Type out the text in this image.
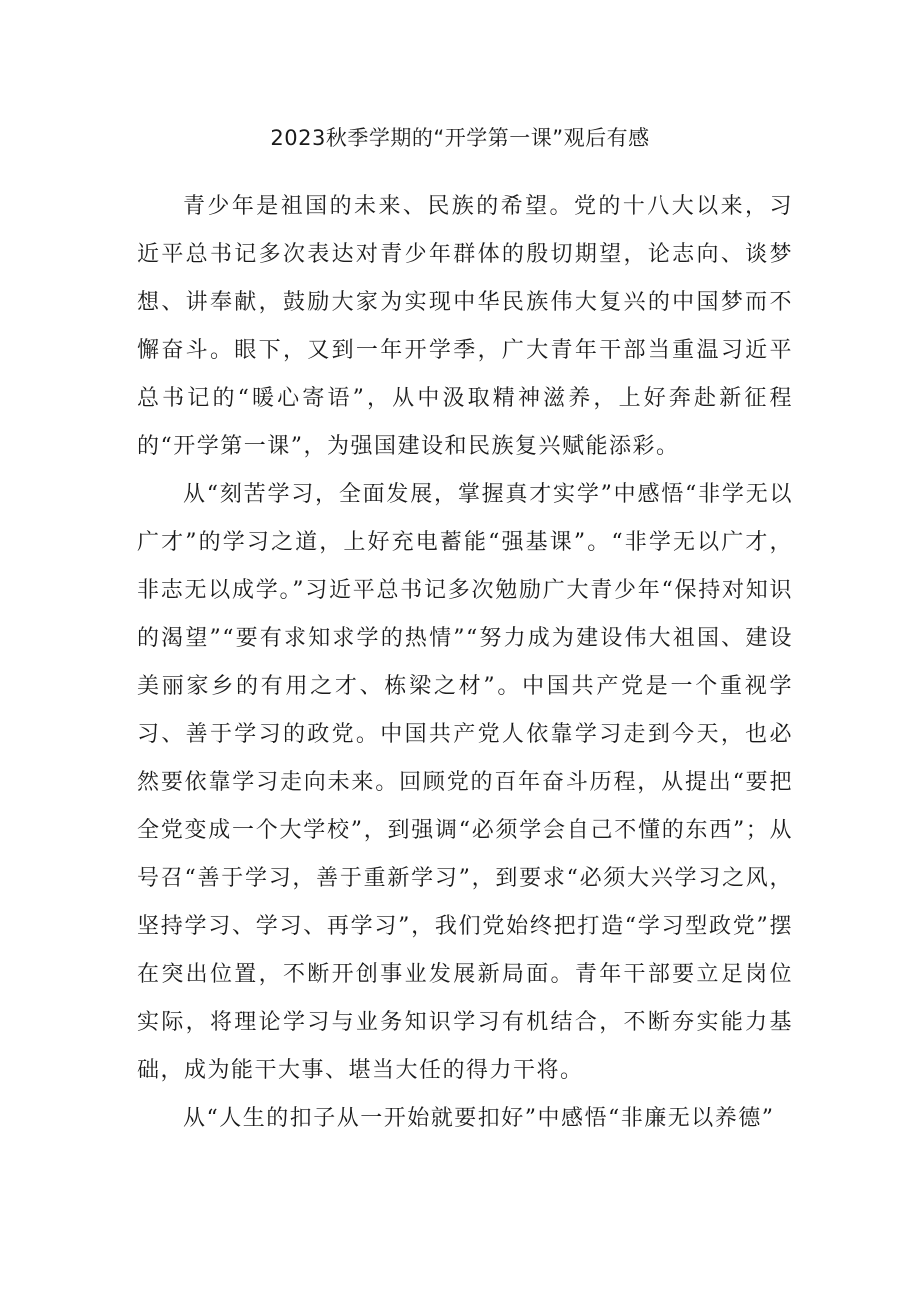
2023秋季学期的“开学第一课”观后有感

青少年是祖国的未来、民族的希望。党的十八大以来，习近平总书记多次表达对青少年群体的殷切期望，论志向、谈梦想、讲奉献，鼓励大家为实现中华民族伟大复兴的中国梦而不懈奋斗。眼下，又到一年开学季，广大青年干部当重温习近平总书记的“暖心寄语”，从中汲取精神滋养，上好奔赴新征程的“开学第一课”，为强国建设和民族复兴赋能添彩。

从“刻苦学习，全面发展，掌握真才实学”中感悟“非学无以广才”的学习之道，上好充电蓄能“强基课”。“非学无以广才，非志无以成学。”习近平总书记多次勉励广大青少年“保持对知识的渴望”“要有求知求学的热情”“努力成为建设伟大祖国、建设美丽家乡的有用之才、栋梁之材”。中国共产党是一个重视学习、善于学习的政党。中国共产党人依靠学习走到今天，也必然要依靠学习走向未来。回顾党的百年奋斗历程，从提出“要把全党变成一个大学校”，到强调“必须学会自己不懂的东西”；从号召“善于学习，善于重新学习”，到要求“必须大兴学习之风，坚持学习、学习、再学习”，我们党始终把打造“学习型政党”摆在突出位置，不断开创事业发展新局面。青年干部要立足岗位实际，将理论学习与业务知识学习有机结合，不断夯实能力基础，成为能干大事、堪当大任的得力干将。

从“人生的扣子从一开始就要扣好”中感悟“非廉无以养德”
